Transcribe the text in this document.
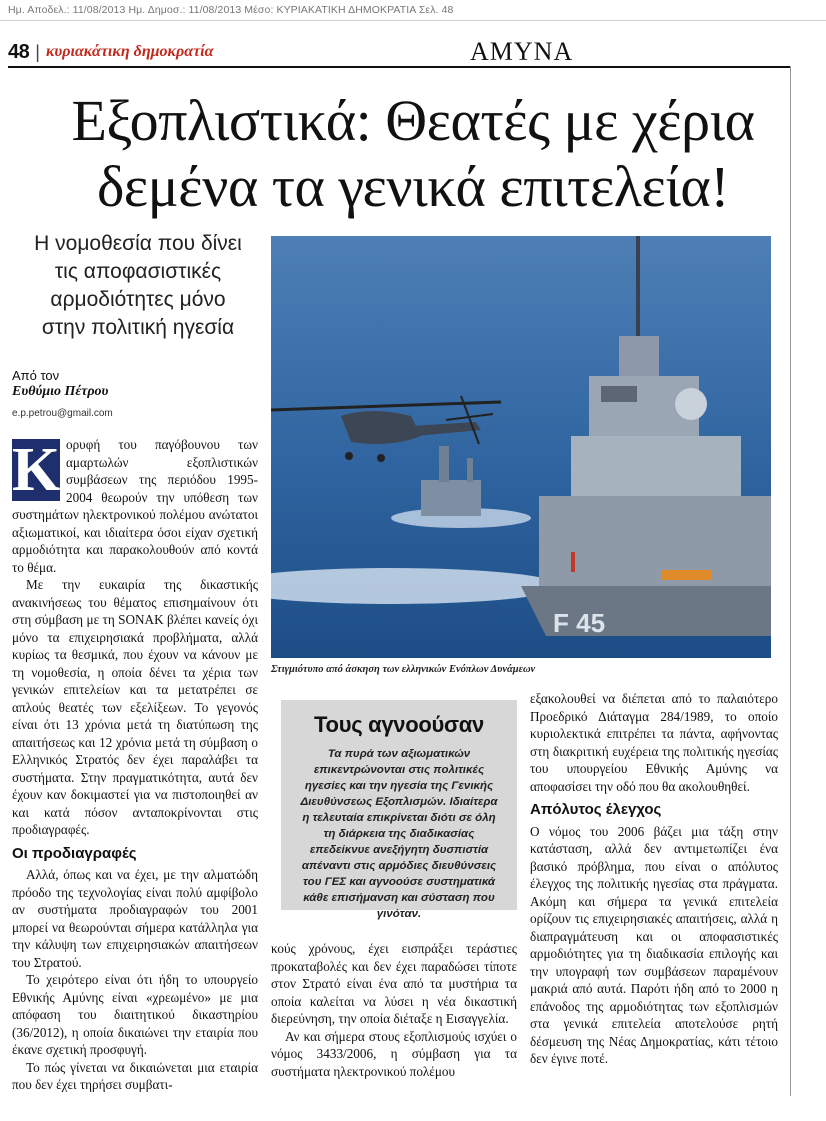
Ημ. Αποδελ.: 11/08/2013 Ημ. Δημοσ.: 11/08/2013 Μέσο: ΚΥΡΙΑΚΑΤΙΚΗ ΔΗΜΟΚΡΑΤΙΑ Σελ. 48
48 | κυριακάτικη δημοκρατία	ΑΜΥΝΑ
Εξοπλιστικά: Θεατές με χέρια
δεμένα τα γενικά επιτελεία!
Η νομοθεσία που δίνει
τις αποφασιστικές
αρμοδιότητες μόνο
στην πολιτική ηγεσία
Από τον
Ευθύμιο Πέτρου
e.p.petrou@gmail.com
F 45
Στιγμιότυπο από άσκηση των ελληνικών Ενόπλων Δυνάμεων

Κ ορυφή του παγόβουνου των αμαρτωλών εξοπλιστικών συμβάσεων της περιόδου 1995-2004 θεωρούν την υπόθεση των συστημάτων ηλεκτρονικού πολέμου ανώτατοι αξιωματικοί, και ιδιαίτερα όσοι είχαν σχετική αρμοδιότητα και παρακολουθούν από κοντά το θέμα.

Με την ευκαιρία της δικαστικής ανακινήσεως του θέματος επισημαίνουν ότι στη σύμβαση με τη SONAK βλέπει κανείς όχι μόνο τα επιχειρησιακά προβλήματα, αλλά κυρίως τα θεσμικά, που έχουν να κάνουν με τη νομοθεσία, η οποία δένει τα χέρια των γενικών επιτελείων και τα μετατρέπει σε απλούς θεατές των εξελίξεων. Το γεγονός είναι ότι 13 χρόνια μετά τη διατύπωση της απαιτήσεως και 12 χρόνια μετά τη σύμβαση ο Ελληνικός Στρατός δεν έχει παραλάβει τα συστήματα. Στην πραγματικότητα, αυτά δεν έχουν καν δοκιμαστεί για να πιστοποιηθεί αν και κατά πόσον ανταποκρίνονται στις προδιαγραφές.

Οι προδιαγραφές

Αλλά, όπως και να έχει, με την αλματώδη πρόοδο της τεχνολογίας είναι πολύ αμφίβολο αν συστήματα προδιαγραφών του 2001 μπορεί να θεωρούνται σήμερα κατάλληλα για την κάλυψη των επιχειρησιακών απαιτήσεων του Στρατού.

Το χειρότερο είναι ότι ήδη το υπουργείο Εθνικής Αμύνης είναι «χρεωμένο» με μια απόφαση του διαιτητικού δικαστηρίου (36/2012), η οποία δικαιώνει την εταιρία που έκανε σχετική προσφυγή.

Το πώς γίνεται να δικαιώνεται μια εταιρία που δεν έχει τηρήσει συμβατι-

Τους αγνοούσαν
Τα πυρά των αξιωματικών επικεντρώνονται στις πολιτικές ηγεσίες και την ηγεσία της Γενικής Διευθύνσεως Εξοπλισμών. Ιδιαίτερα η τελευταία επικρίνεται διότι σε όλη τη διάρκεια της διαδικασίας επεδείκνυε ανεξήγητη δυσπιστία απέναντι στις αρμόδιες διευθύνσεις του ΓΕΣ και αγνοούσε συστηματικά κάθε επισήμανση και σύσταση που γινόταν.

κούς χρόνους, έχει εισπράξει τεράστιες προκαταβολές και δεν έχει παραδώσει τίποτε στον Στρατό είναι ένα από τα μυστήρια τα οποία καλείται να λύσει η νέα δικαστική διερεύνηση, την οποία διέταξε η Εισαγγελία.

Αν και σήμερα στους εξοπλισμούς ισχύει ο νόμος 3433/2006, η σύμβαση για τα συστήματα ηλεκτρονικού πολέμου

εξακολουθεί να διέπεται από το παλαιότερο Προεδρικό Διάταγμα 284/1989, το οποίο κυριολεκτικά επιτρέπει τα πάντα, αφήνοντας στη διακριτική ευχέρεια της πολιτικής ηγεσίας του υπουργείου Εθνικής Αμύνης να αποφασίσει την οδό που θα ακολουθηθεί.

Απόλυτος έλεγχος

Ο νόμος του 2006 βάζει μια τάξη στην κατάσταση, αλλά δεν αντιμετωπίζει ένα βασικό πρόβλημα, που είναι ο απόλυτος έλεγχος της πολιτικής ηγεσίας στα πράγματα. Ακόμη και σήμερα τα γενικά επιτελεία ορίζουν τις επιχειρησιακές απαιτήσεις, αλλά η διαπραγμάτευση και οι αποφασιστικές αρμοδιότητες για τη διαδικασία επιλογής και την υπογραφή των συμβάσεων παραμένουν μακριά από αυτά. Παρότι ήδη από το 2000 η επάνοδος της αρμοδιότητας των εξοπλισμών στα γενικά επιτελεία αποτελούσε ρητή δέσμευση της Νέας Δημοκρατίας, κάτι τέτοιο δεν έγινε ποτέ.
